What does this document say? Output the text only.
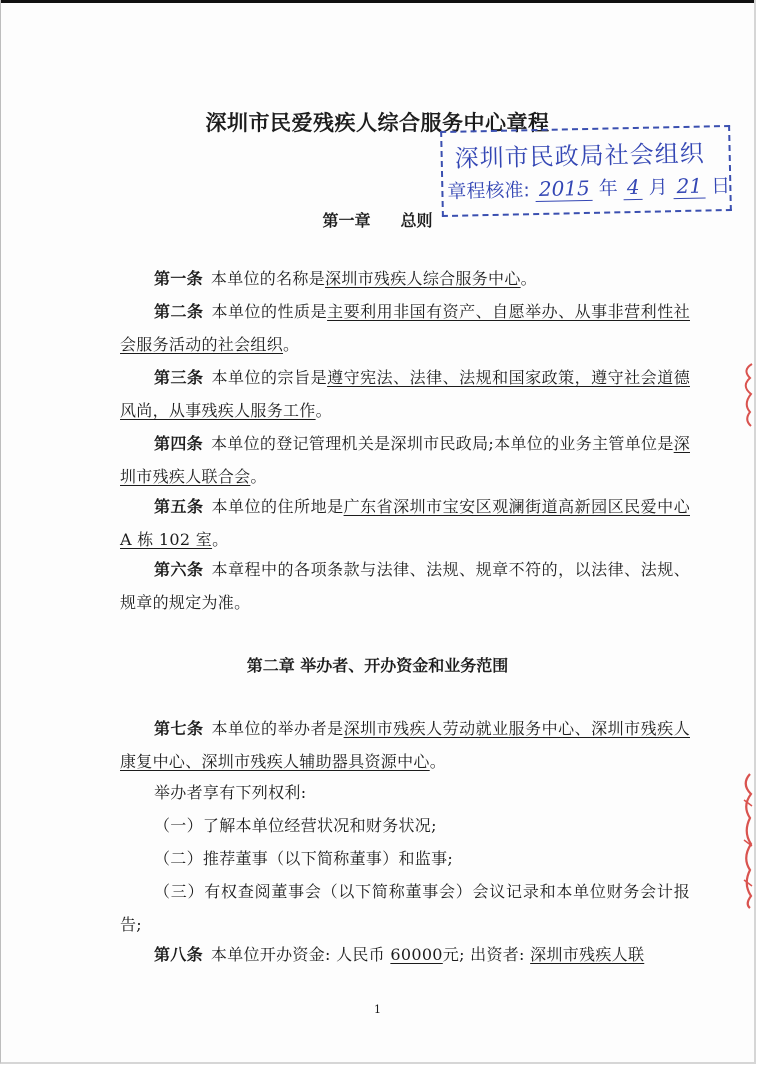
深圳市民爱残疾人综合服务中心章程
深圳市民政局社会组织
章程核准: 2015 年 4 月 21 日
第一章 总则

第一条 本单位的名称是深圳市残疾人综合服务中心。

第二条 本单位的性质是主要利用非国有资产、自愿举办、从事非营利性社会服务活动的社会组织。

第三条 本单位的宗旨是遵守宪法、法律、法规和国家政策，遵守社会道德风尚，从事残疾人服务工作。

第四条 本单位的登记管理机关是深圳市民政局;本单位的业务主管单位是深圳市残疾人联合会。

第五条 本单位的住所地是广东省深圳市宝安区观澜街道高新园区民爱中心 A 栋 102 室。

第六条 本章程中的各项条款与法律、法规、规章不符的，以法律、法规、规章的规定为准。

第二章 举办者、开办资金和业务范围

第七条 本单位的举办者是深圳市残疾人劳动就业服务中心、深圳市残疾人康复中心、深圳市残疾人辅助器具资源中心。

举办者享有下列权利:

（一）了解本单位经营状况和财务状况;

（二）推荐董事（以下简称董事）和监事;

（三）有权查阅董事会（以下简称董事会）会议记录和本单位财务会计报告;

第八条 本单位开办资金: 人民币 60000元; 出资者: 深圳市残疾人联

1
